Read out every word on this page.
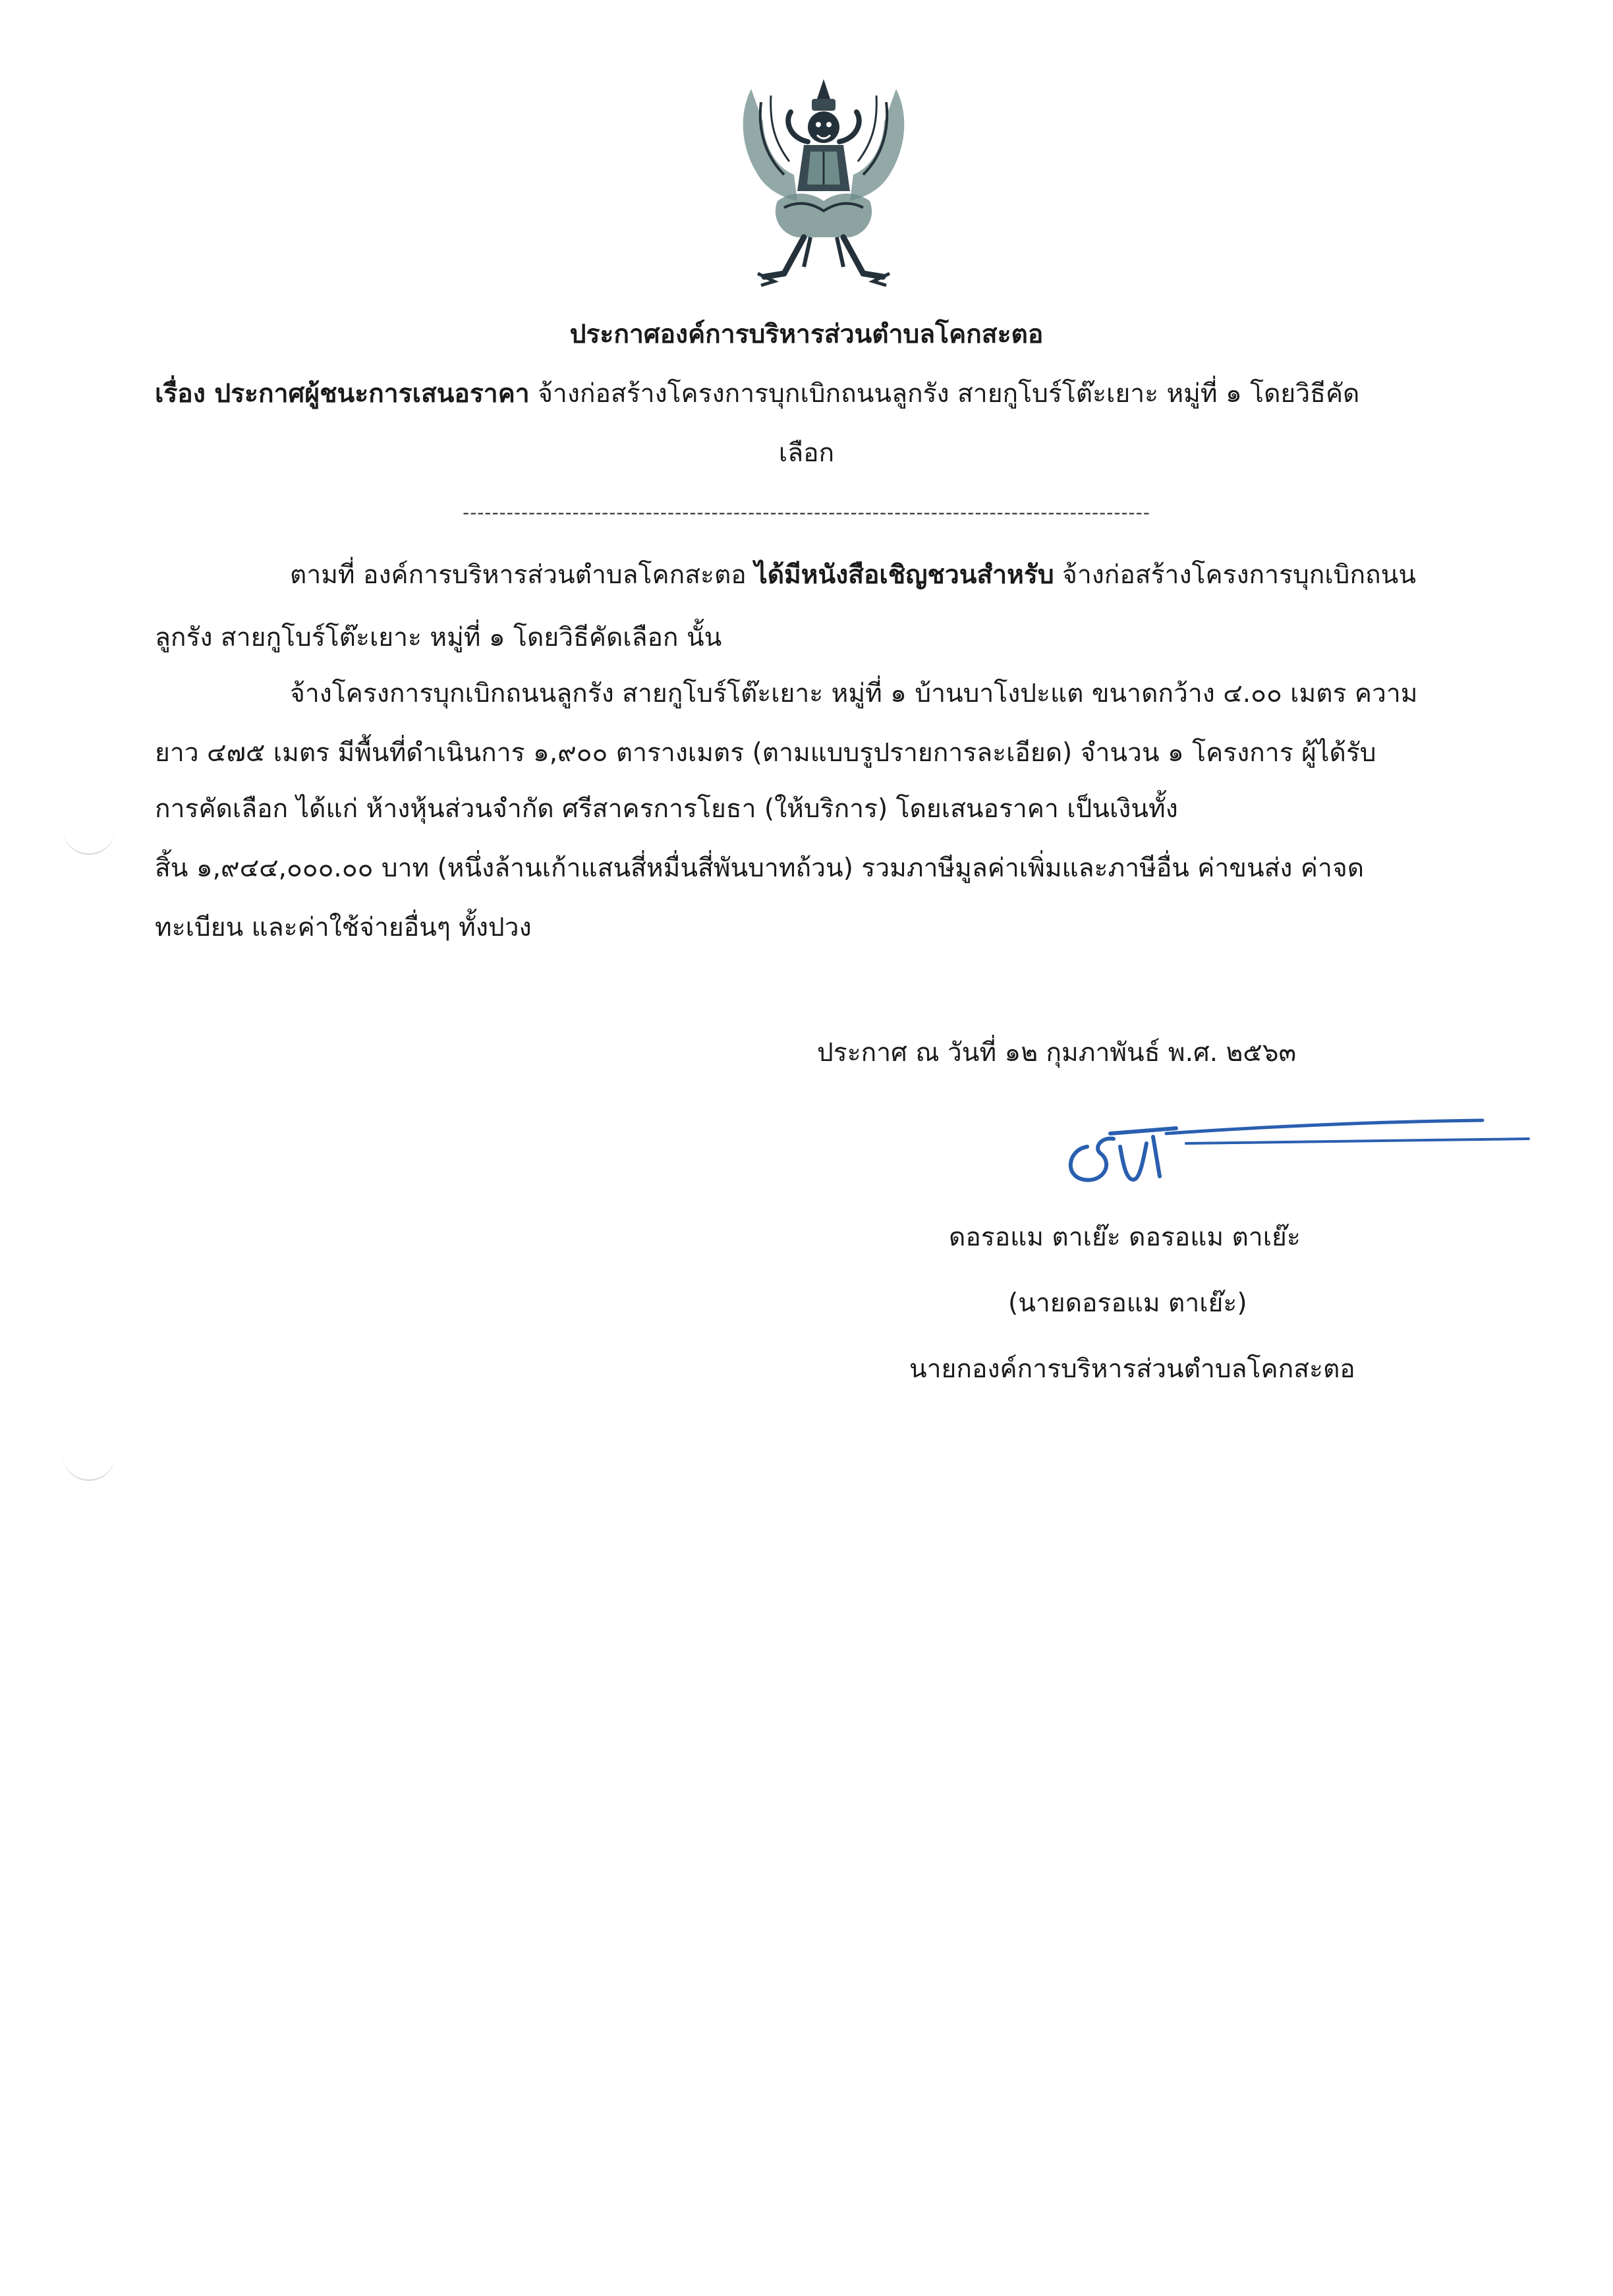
ประกาศองค์การบริหารส่วนตำบลโคกสะตอ
เรื่อง ประกาศผู้ชนะการเสนอราคา จ้างก่อสร้างโครงการบุกเบิกถนนลูกรัง สายกูโบร์โต๊ะเยาะ หมู่ที่ ๑ โดยวิธีคัด
เลือก
----------------------------------------------------------------------------------------------
ตามที่ องค์การบริหารส่วนตำบลโคกสะตอ ได้มีหนังสือเชิญชวนสำหรับ จ้างก่อสร้างโครงการบุกเบิกถนน
ลูกรัง สายกูโบร์โต๊ะเยาะ หมู่ที่ ๑ โดยวิธีคัดเลือก นั้น
จ้างโครงการบุกเบิกถนนลูกรัง สายกูโบร์โต๊ะเยาะ หมู่ที่ ๑ บ้านบาโงปะแต ขนาดกว้าง ๔.๐๐ เมตร ความ
ยาว ๔๗๕ เมตร มีพื้นที่ดำเนินการ ๑,๙๐๐ ตารางเมตร (ตามแบบรูปรายการละเอียด) จำนวน ๑ โครงการ ผู้ได้รับ
การคัดเลือก ได้แก่ ห้างหุ้นส่วนจำกัด ศรีสาครการโยธา (ให้บริการ) โดยเสนอราคา เป็นเงินทั้ง
สิ้น ๑,๙๔๔,๐๐๐.๐๐ บาท (หนึ่งล้านเก้าแสนสี่หมื่นสี่พันบาทถ้วน) รวมภาษีมูลค่าเพิ่มและภาษีอื่น ค่าขนส่ง ค่าจด
ทะเบียน และค่าใช้จ่ายอื่นๆ ทั้งปวง
ประกาศ ณ วันที่ ๑๒ กุมภาพันธ์ พ.ศ. ๒๕๖๓
ดอรอแม ตาเย๊ะ ดอรอแม ตาเย๊ะ
(นายดอรอแม ตาเย๊ะ)
นายกองค์การบริหารส่วนตำบลโคกสะตอ
